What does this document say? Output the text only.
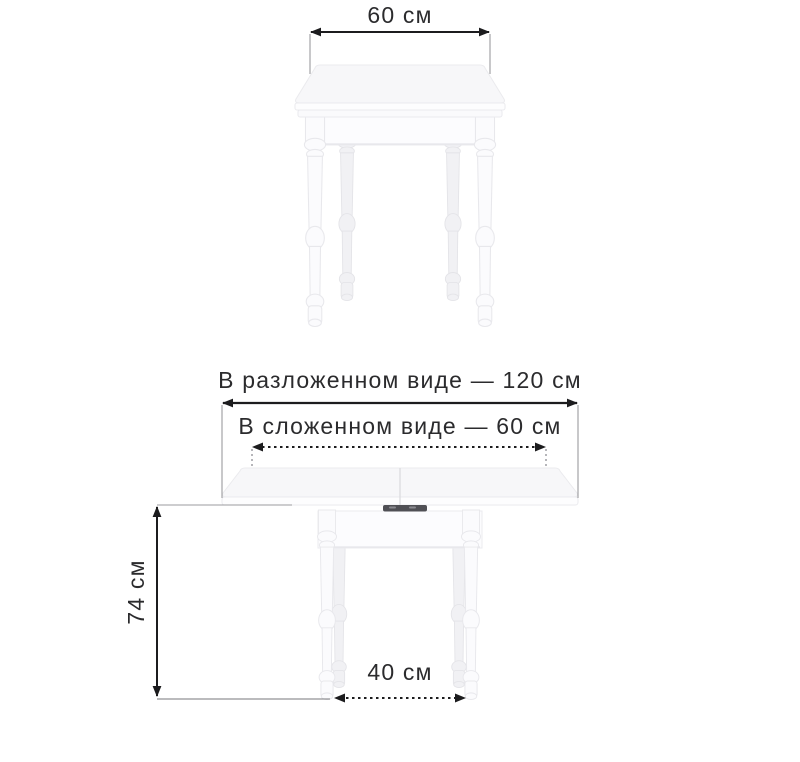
60 см
В разложенном виде — 120 см
В сложенном виде — 60 см
74 см
40 см
